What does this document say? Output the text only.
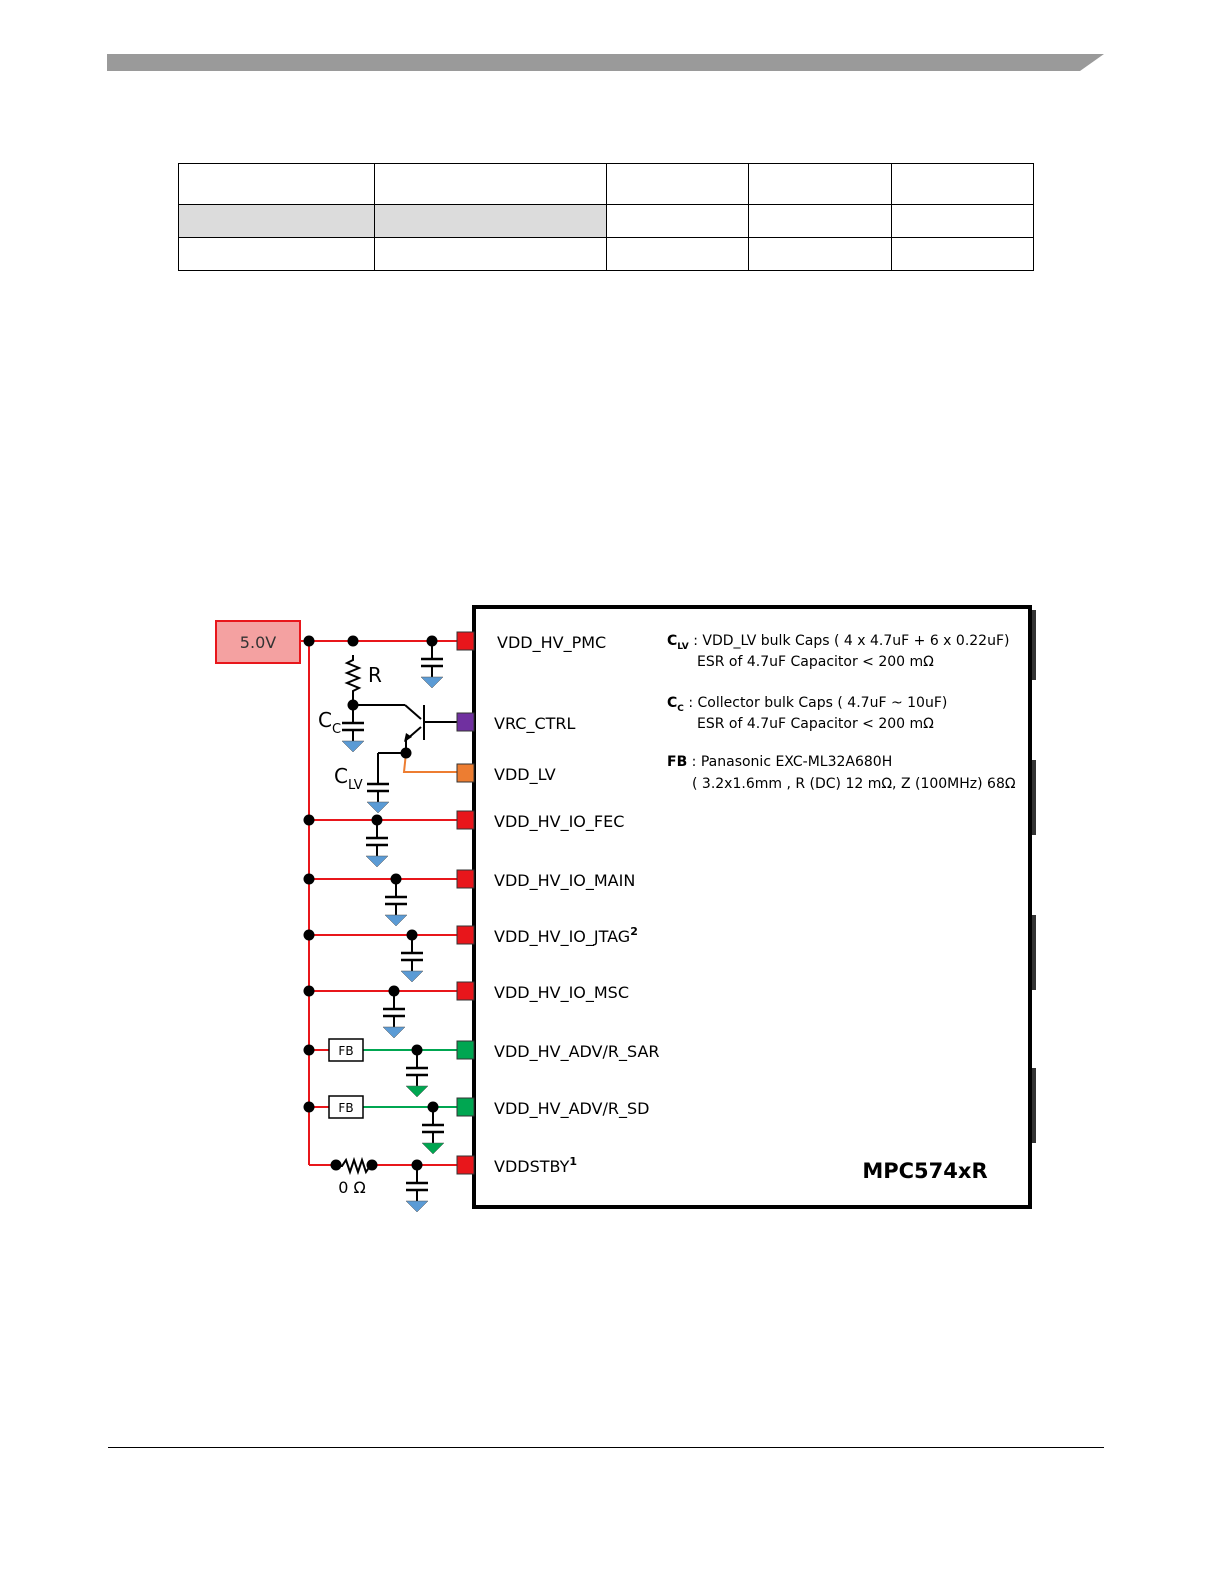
5.0V
R
$C_C$
$C_{LV}$
FB
FB
0 Ω
VDD_HV_PMC
VRC_CTRL
VDD_LV
VDD_HV_IO_FEC
VDD_HV_IO_MAIN
VDD_HV_IO_JTAG$^2$
VDD_HV_IO_MSC
VDD_HV_ADV/R_SAR
VDD_HV_ADV/R_SD
VDDSTBY$^1$
$C_{LV}$ : VDD_LV bulk Caps ( 4 x 4.7uF + 6 x 0.22uF)
ESR of 4.7uF Capacitor < 200 mΩ
$C_C$ : Collector bulk Caps ( 4.7uF ~ 10uF)
ESR of 4.7uF Capacitor < 200 mΩ
FB : Panasonic EXC-ML32A680H
( 3.2x1.6mm , R (DC) 12 mΩ, Z (100MHz) 68Ω
MPC574xR
